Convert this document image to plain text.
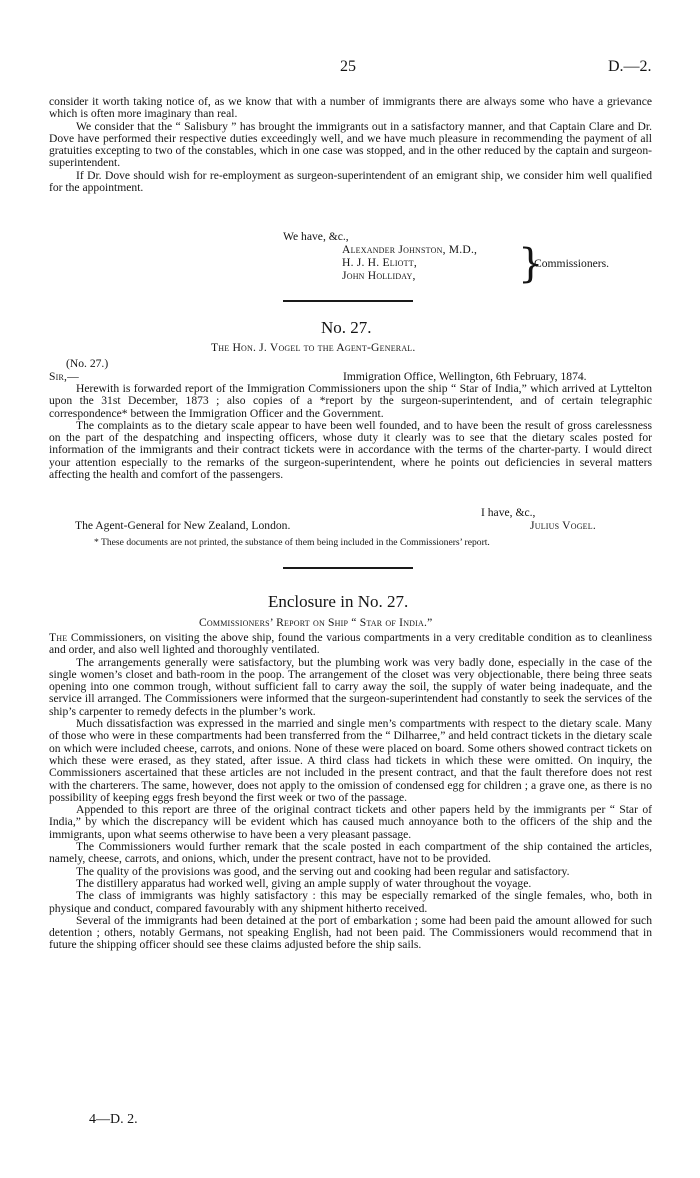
25	D.—2.

consider it worth taking notice of, as we know that with a number of immigrants there are always some who have a grievance which is often more imaginary than real.

We consider that the “ Salisbury ” has brought the immigrants out in a satisfactory manner, and that Captain Clare and Dr. Dove have performed their respective duties exceedingly well, and we have much pleasure in recommending the payment of all gratuities excepting to two of the constables, which in one case was stopped, and in the other reduced by the captain and surgeon-superintendent.

If Dr. Dove should wish for re-employment as surgeon-superintendent of an emigrant ship, we consider him well qualified for the appointment.

We have, &c.,
Alexander Johnston, M.D.,
H. J. H. Eliott,
John Holliday,	}
Commissioners.
No. 27.
The Hon. J. Vogel to the Agent-General.
(No. 27.)
Sir,—	Immigration Office, Wellington, 6th February, 1874.

Herewith is forwarded report of the Immigration Commissioners upon the ship “ Star of India,” which arrived at Lyttelton upon the 31st December, 1873 ; also copies of a *report by the surgeon-superintendent, and of certain telegraphic correspondence* between the Immigration Officer and the Government.

The complaints as to the dietary scale appear to have been well founded, and to have been the result of gross carelessness on the part of the despatching and inspecting officers, whose duty it clearly was to see that the dietary scales posted for information of the immigrants and their contract tickets were in accordance with the terms of the charter-party. I would direct your attention especially to the remarks of the surgeon-superintendent, where he points out deficiencies in several matters affecting the health and comfort of the passengers.

I have, &c.,
The Agent-General for New Zealand, London.	Julius Vogel.
* These documents are not printed, the substance of them being included in the Commissioners’ report.
Enclosure in No. 27.
Commissioners’ Report on Ship “ Star of India.”

The Commissioners, on visiting the above ship, found the various compartments in a very creditable condition as to cleanliness and order, and also well lighted and thoroughly ventilated.

The arrangements generally were satisfactory, but the plumbing work was very badly done, especially in the case of the single women’s closet and bath-room in the poop. The arrangement of the closet was very objectionable, there being three seats opening into one common trough, without sufficient fall to carry away the soil, the supply of water being inadequate, and the service ill arranged. The Commissioners were informed that the surgeon-superintendent had constantly to seek the services of the ship’s carpenter to remedy defects in the plumber’s work.

Much dissatisfaction was expressed in the married and single men’s compartments with respect to the dietary scale. Many of those who were in these compartments had been transferred from the “ Dilharree,” and held contract tickets in the dietary scale on which were included cheese, carrots, and onions. None of these were placed on board. Some others showed contract tickets on which these were erased, as they stated, after issue. A third class had tickets in which these were omitted. On inquiry, the Commissioners ascertained that these articles are not included in the present contract, and that the fault therefore does not rest with the charterers. The same, however, does not apply to the omission of condensed egg for children ; a grave one, as there is no possibility of keeping eggs fresh beyond the first week or two of the passage.

Appended to this report are three of the original contract tickets and other papers held by the immigrants per “ Star of India,” by which the discrepancy will be evident which has caused much annoyance both to the officers of the ship and the immigrants, upon what seems otherwise to have been a very pleasant passage.

The Commissioners would further remark that the scale posted in each compartment of the ship contained the articles, namely, cheese, carrots, and onions, which, under the present contract, have not to be provided.

The quality of the provisions was good, and the serving out and cooking had been regular and satisfactory.

The distillery apparatus had worked well, giving an ample supply of water throughout the voyage.

The class of immigrants was highly satisfactory : this may be especially remarked of the single females, who, both in physique and conduct, compared favourably with any shipment hitherto received.

Several of the immigrants had been detained at the port of embarkation ; some had been paid the amount allowed for such detention ; others, notably Germans, not speaking English, had not been paid. The Commissioners would recommend that in future the shipping officer should see these claims adjusted before the ship sails.

4—D. 2.
